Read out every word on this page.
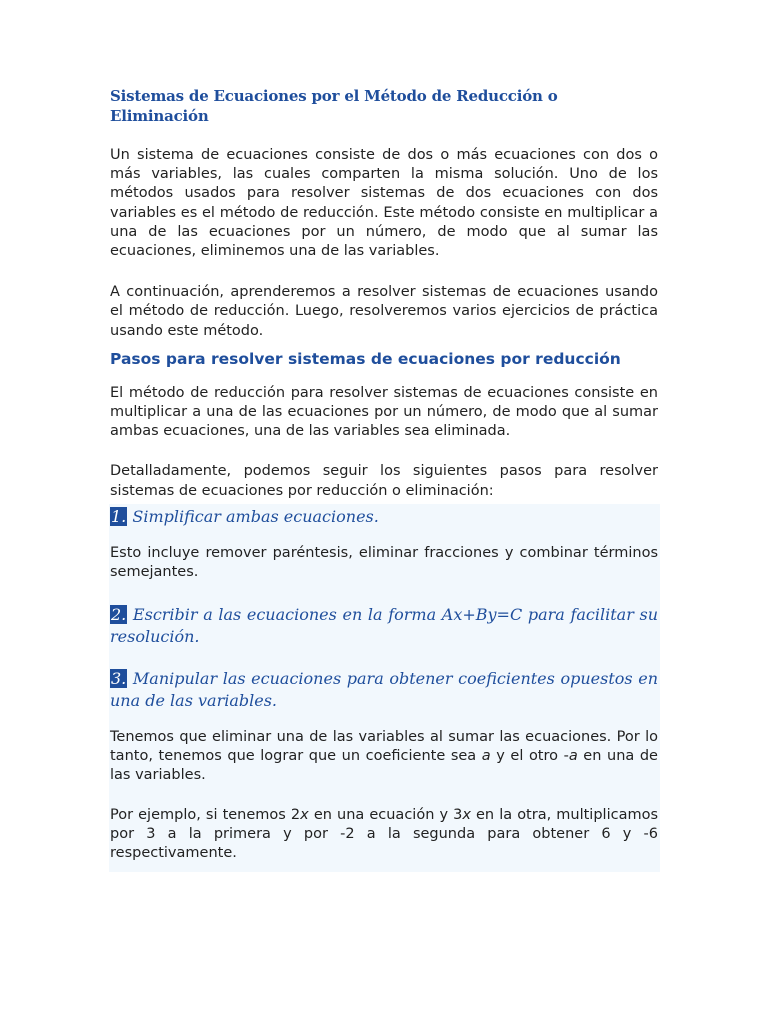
Sistemas de Ecuaciones por el Método de Reducción o Eliminación

Un sistema de ecuaciones consiste de dos o más ecuaciones con dos o más variables, las cuales comparten la misma solución. Uno de los métodos usados para resolver sistemas de dos ecuaciones con dos variables es el método de reducción. Este método consiste en multiplicar a una de las ecuaciones por un número, de modo que al sumar las ecuaciones, eliminemos una de las variables.

A continuación, aprenderemos a resolver sistemas de ecuaciones usando el método de reducción. Luego, resolveremos varios ejercicios de práctica usando este método.

Pasos para resolver sistemas de ecuaciones por reducción

El método de reducción para resolver sistemas de ecuaciones consiste en multiplicar a una de las ecuaciones por un número, de modo que al sumar ambas ecuaciones, una de las variables sea eliminada.

Detalladamente, podemos seguir los siguientes pasos para resolver sistemas de ecuaciones por reducción o eliminación:

1. Simplificar ambas ecuaciones.

Esto incluye remover paréntesis, eliminar fracciones y combinar términos semejantes.

2. Escribir a las ecuaciones en la forma Ax+By=C para facilitar su resolución.

3. Manipular las ecuaciones para obtener coeficientes opuestos en una de las variables.

Tenemos que eliminar una de las variables al sumar las ecuaciones. Por lo tanto, tenemos que lograr que un coeficiente sea a y el otro -a en una de las variables.

Por ejemplo, si tenemos 2x en una ecuación y 3x en la otra, multiplicamos por 3 a la primera y por -2 a la segunda para obtener 6 y -6 respectivamente.
